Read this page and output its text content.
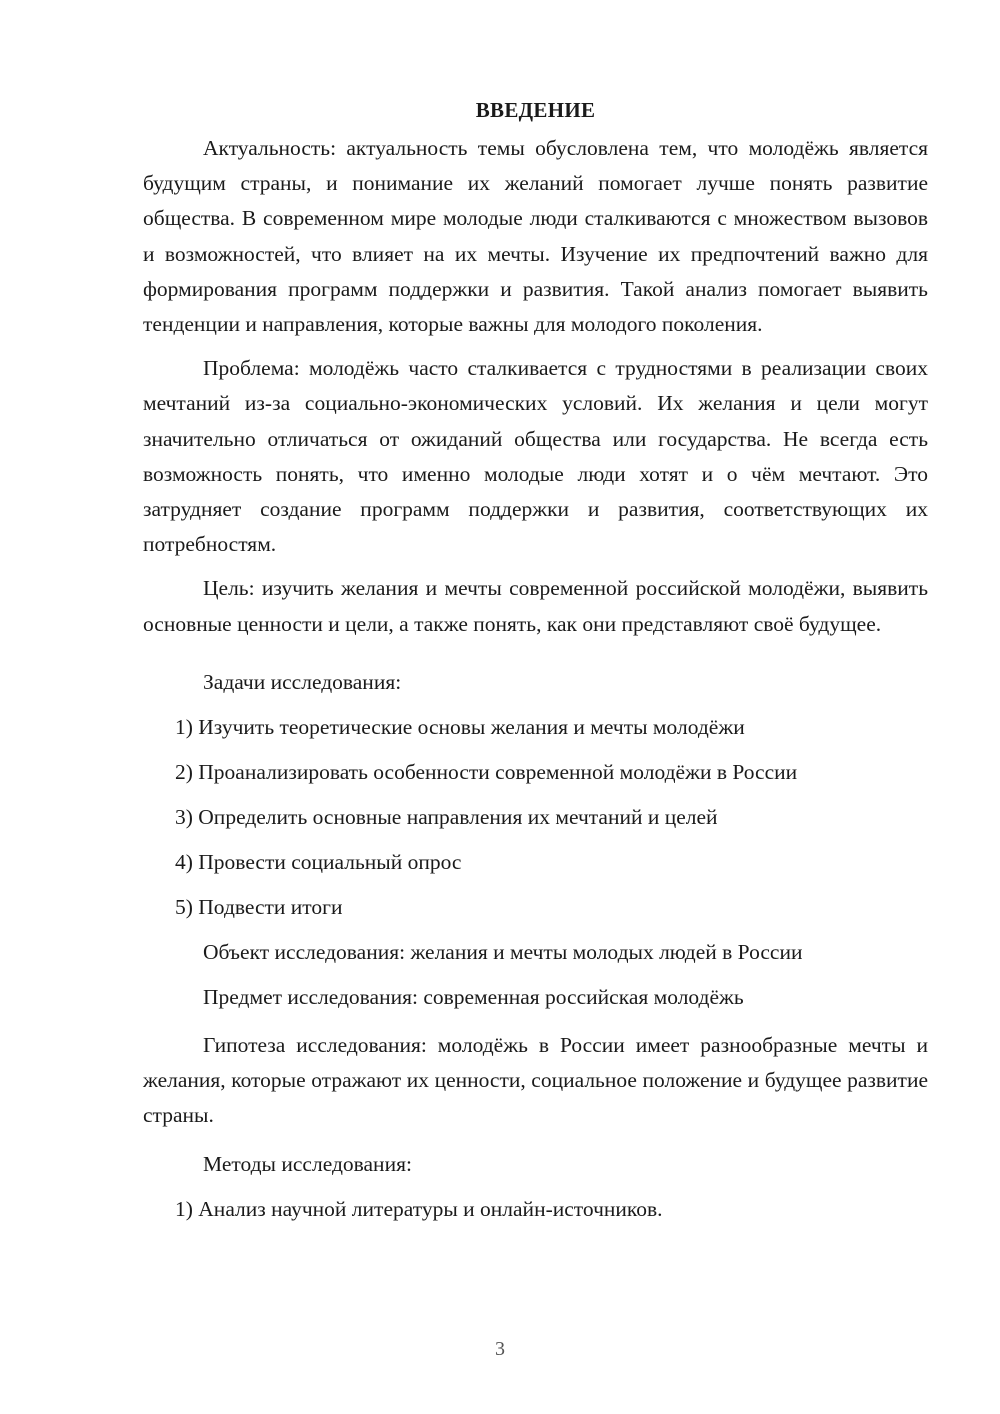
ВВЕДЕНИЕ

Актуальность: актуальность темы обусловлена тем, что молодёжь является будущим страны, и понимание их желаний помогает лучше понять развитие общества. В современном мире молодые люди сталкиваются с множеством вызовов и возможностей, что влияет на их мечты. Изучение их предпочтений важно для формирования программ поддержки и развития. Такой анализ помогает выявить тенденции и направления, которые важны для молодого поколения.

Проблема: молодёжь часто сталкивается с трудностями в реализации своих мечтаний из-за социально-экономических условий. Их желания и цели могут значительно отличаться от ожиданий общества или государства. Не всегда есть возможность понять, что именно молодые люди хотят и о чём мечтают. Это затрудняет создание программ поддержки и развития, соответствующих их потребностям.

Цель: изучить желания и мечты современной российской молодёжи, выявить основные ценности и цели, а также понять, как они представляют своё будущее.

Задачи исследования:

1) Изучить теоретические основы желания и мечты молодёжи

2) Проанализировать особенности современной молодёжи в России

3) Определить основные направления их мечтаний и целей

4) Провести социальный опрос

5) Подвести итоги

Объект исследования: желания и мечты молодых людей в России

Предмет исследования: современная российская молодёжь

Гипотеза исследования: молодёжь в России имеет разнообразные мечты и желания, которые отражают их ценности, социальное положение и будущее развитие страны.

Методы исследования:

1) Анализ научной литературы и онлайн-источников.

3
